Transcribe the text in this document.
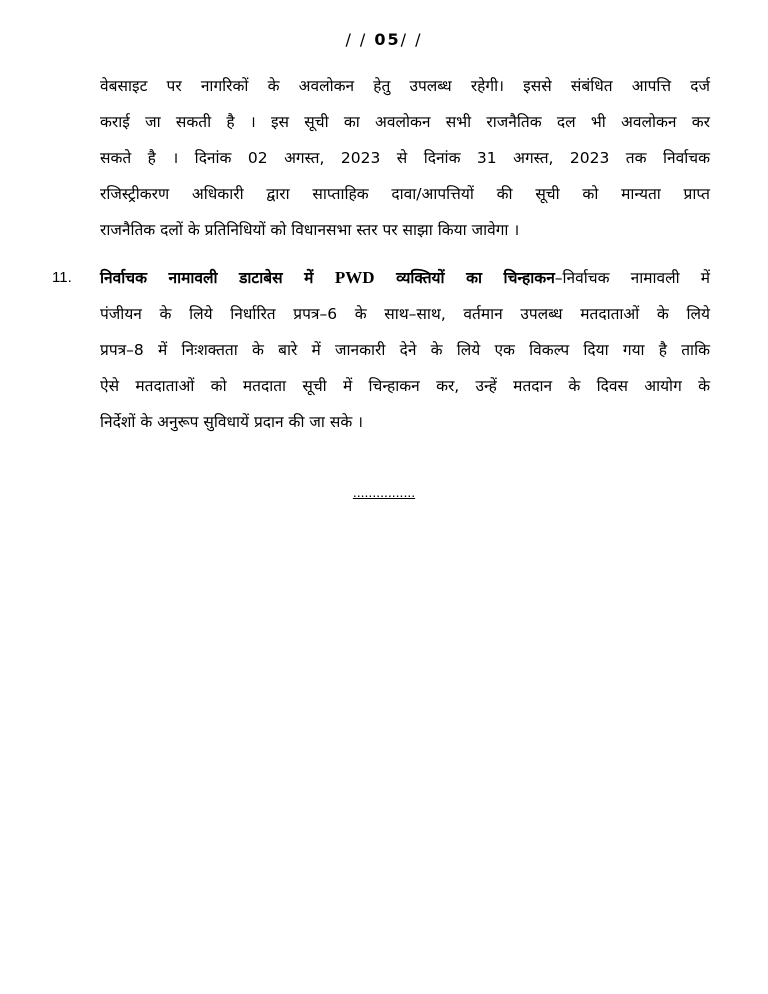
/ / 05/ /
वेबसाइट पर नागरिकों के अवलोकन हेतु उपलब्ध रहेगी। इससे संबंधित आपत्ति दर्ज
कराई जा सकती है । इस सूची का अवलोकन सभी राजनैतिक दल भी अवलोकन कर
सकते है । दिनांक 02 अगस्त, 2023 से दिनांक 31 अगस्त, 2023 तक निर्वाचक
रजिस्ट्रीकरण अधिकारी द्वारा साप्ताहिक दावा/आपत्तियों की सूची को मान्यता प्राप्त
राजनैतिक दलों के प्रतिनिधियों को विधानसभा स्तर पर साझा किया जावेगा ।
11. निर्वाचक नामावली डाटाबेस में PWD व्यक्तियों का चिन्हाकन–निर्वाचक नामावली में
पंजीयन के लिये निर्धारित प्रपत्र–6 के साथ–साथ, वर्तमान उपलब्ध मतदाताओं के लिये
प्रपत्र–8 में निःशक्तता के बारे में जानकारी देने के लिये एक विकल्प दिया गया है ताकि
ऐसे मतदाताओं को मतदाता सूची में चिन्हाकन कर, उन्हें मतदान के दिवस आयोग के
निर्देशों के अनुरूप सुविधायें प्रदान की जा सके ।
................
